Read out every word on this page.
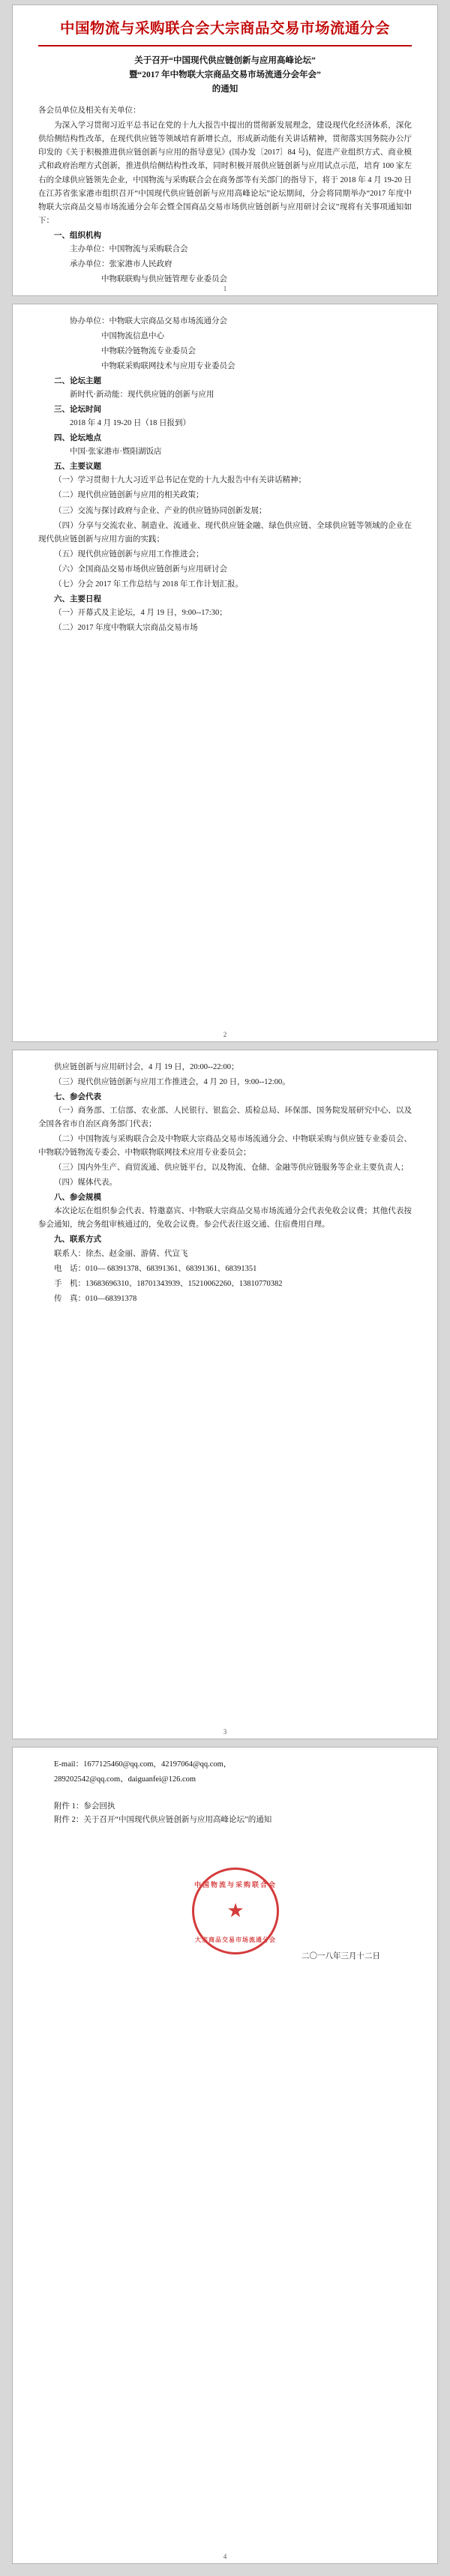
中国物流与采购联合会大宗商品交易市场流通分会
关于召开“中国现代供应链创新与应用高峰论坛”
暨“2017 年中物联大宗商品交易市场流通分会年会”
的通知

各会员单位及相关有关单位：

为深入学习贯彻习近平总书记在党的十九大报告中提出的贯彻新发展理念，建设现代化经济体系，深化供给侧结构性改革，在现代供应链等领域培育新增长点，形成新动能有关讲话精神，贯彻落实国务院办公厅印发的《关于积极推进供应链创新与应用的指导意见》(国办发〔2017〕84 号)，促进产业组织方式、商业模式和政府治理方式创新，推进供给侧结构性改革，同时积极开展供应链创新与应用试点示范，培育 100 家左右的全球供应链领先企业，中国物流与采购联合会在商务部等有关部门的指导下，将于 2018 年 4 月 19-20 日在江苏省张家港市组织召开“中国现代供应链创新与应用高峰论坛”论坛期间，分会将同期举办“2017 年度中物联大宗商品交易市场流通分会年会暨全国商品交易市场供应链创新与应用研讨会议”现将有关事项通知如下：

一、组织机构

主办单位：中国物流与采购联合会

承办单位：张家港市人民政府

中物联联购与供应链管理专业委员会

1

协办单位：中物联大宗商品交易市场流通分会

中国物流信息中心

中物联冷链物流专业委员会

中物联采购联网技术与应用专业委员会

二、论坛主题

新时代·新动能：现代供应链的创新与应用

三、论坛时间

2018 年 4 月 19-20 日（18 日报到）

四、论坛地点

中国·张家港市·暨阳湖饭店

五、主要议题

（一）学习贯彻十九大习近平总书记在党的十九大报告中有关讲话精神；

（二）现代供应链创新与应用的相关政策；

（三）交流与探讨政府与企业、产业的供应链协同创新发展；

（四）分享与交流农业、制造业、流通业、现代供应链金融、绿色供应链、全球供应链等领域的企业在现代供应链创新与应用方面的实践；

（五）现代供应链创新与应用工作推进会；

（六）全国商品交易市场供应链创新与应用研讨会

（七）分会 2017 年工作总结与 2018 年工作计划汇报。

六、主要日程

（一）开幕式及主论坛，4 月 19 日，9:00--17:30；

（二）2017 年度中物联大宗商品交易市场

2

供应链创新与应用研讨会，4 月 19 日，20:00--22:00；

（三）现代供应链创新与应用工作推进会，4 月 20 日，9:00--12:00。

七、参会代表

（一）商务部、工信部、农业部、人民银行、银监会、质检总局、环保部、国务院发展研究中心、以及全国各省市自治区商务部门代表；

（二）中国物流与采购联合会及中物联大宗商品交易市场流通分会、中物联采购与供应链专业委员会、中物联冷链物流专委会、中物联物联网技术应用专业委员会；

（三）国内外生产、商贸流通、供应链平台，以及物流、仓储、金融等供应链服务等企业主要负责人；

（四）媒体代表。

八、参会规模

本次论坛在组织参会代表、特邀嘉宾、中物联大宗商品交易市场流通分会代表免收会议费；其他代表按参会通知，统会务组审核通过的，免收会议费。参会代表往返交通、住宿费用自理。

九、联系方式

联系人：徐杰、赵金丽、游倩、代宣飞

电　话：010— 68391378、68391361、68391361、68391351

手　机：13683696310、18701343939、15210062260、13810770382

传　真：010—68391378

3

E-mail：1677125460@qq.com，42197064@qq.com，

289202542@qq.com、daiguanfei@126.com

附件 1：参会回执

附件 2：关于召开“中国现代供应链创新与应用高峰论坛”的通知

中国物流与采购联合会
★
大宗商品交易市场流通分会
二〇一八年三月十二日
4
